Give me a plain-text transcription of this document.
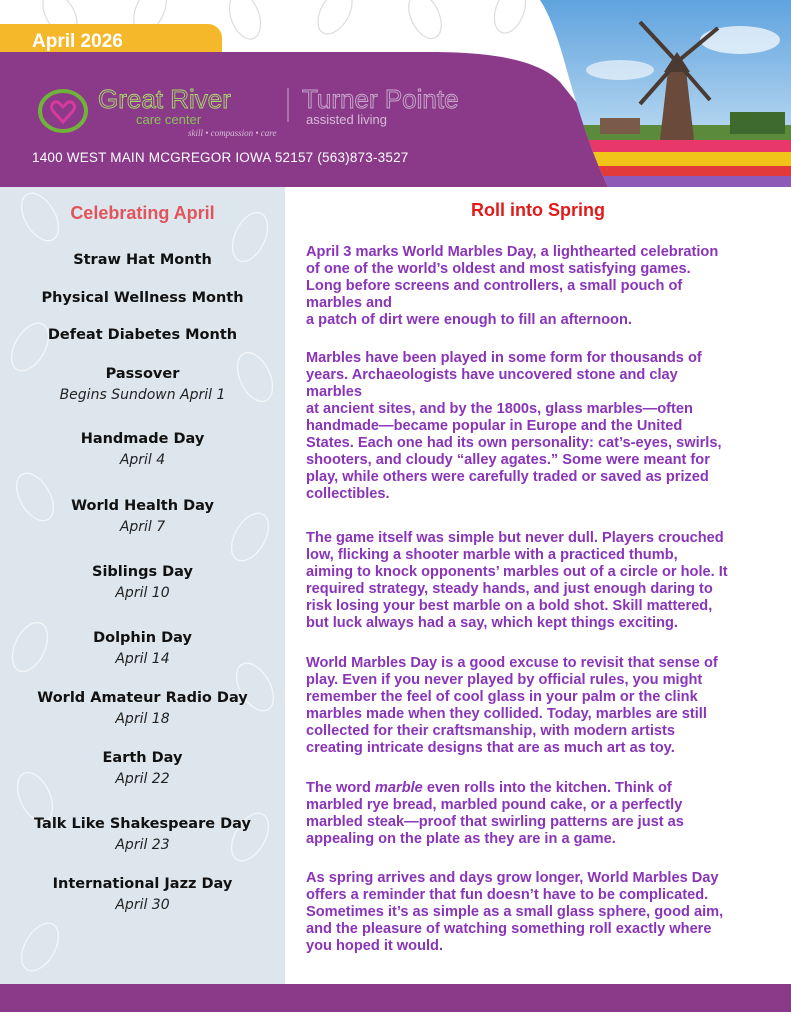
April 2026
Great River
care center
Turner Pointe
assisted living
skill • compassion • care
1400 WEST MAIN MCGREGOR IOWA 52157 (563)873-3527
Celebrating April
Straw Hat Month
Physical Wellness Month
Defeat Diabetes Month
Passover
Begins Sundown April 1
Handmade Day
April 4
World Health Day
April 7
Siblings Day
April 10
Dolphin Day
April 14
World Amateur Radio Day
April 18
Earth Day
April 22
Talk Like Shakespeare Day
April 23
International Jazz Day
April 30
Roll into Spring

April 3 marks World Marbles Day, a lighthearted celebration
of one of the world’s oldest and most satisfying games.
Long before screens and controllers, a small pouch of
marbles and
a patch of dirt were enough to fill an afternoon.

Marbles have been played in some form for thousands of
years. Archaeologists have uncovered stone and clay
marbles
at ancient sites, and by the 1800s, glass marbles—often
handmade—became popular in Europe and the United
States. Each one had its own personality: cat’s-eyes, swirls,
shooters, and cloudy “alley agates.” Some were meant for
play, while others were carefully traded or saved as prized
collectibles.

The game itself was simple but never dull. Players crouched
low, flicking a shooter marble with a practiced thumb,
aiming to knock opponents’ marbles out of a circle or hole. It
required strategy, steady hands, and just enough daring to
risk losing your best marble on a bold shot. Skill mattered,
but luck always had a say, which kept things exciting.

World Marbles Day is a good excuse to revisit that sense of
play. Even if you never played by official rules, you might
remember the feel of cool glass in your palm or the clink
marbles made when they collided. Today, marbles are still
collected for their craftsmanship, with modern artists
creating intricate designs that are as much art as toy.

The word marble even rolls into the kitchen. Think of
marbled rye bread, marbled pound cake, or a perfectly
marbled steak—proof that swirling patterns are just as
appealing on the plate as they are in a game.

As spring arrives and days grow longer, World Marbles Day
offers a reminder that fun doesn’t have to be complicated.
Sometimes it’s as simple as a small glass sphere, good aim,
and the pleasure of watching something roll exactly where
you hoped it would.
